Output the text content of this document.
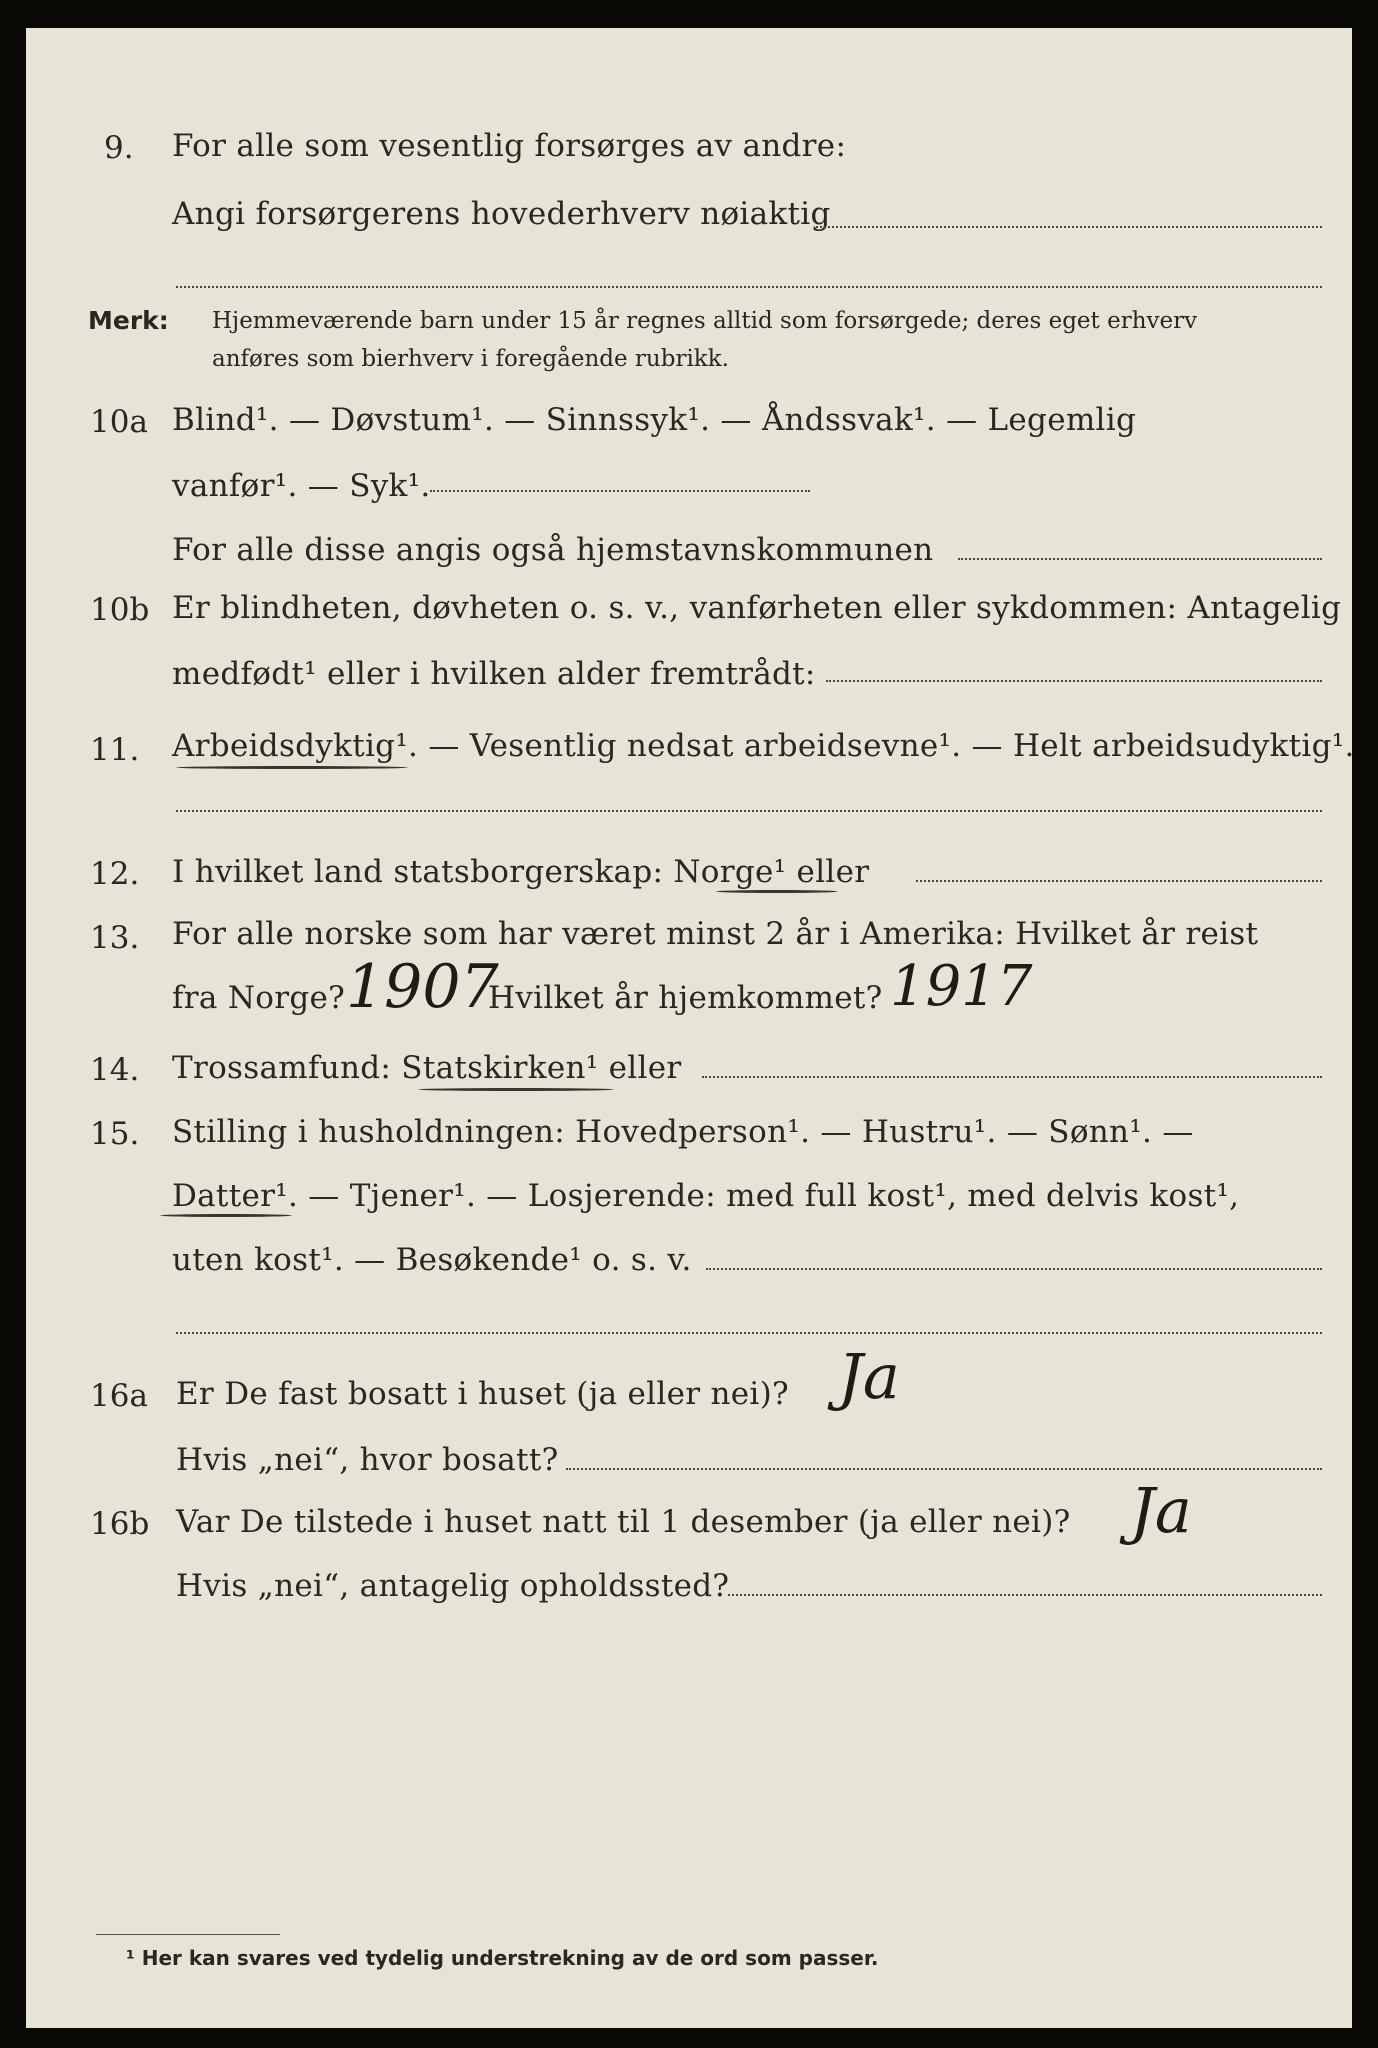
9. For alle som vesentlig forsørges av andre:
Angi forsørgerens hovederhverv nøiaktig
Merk: Hjemmeværende barn under 15 år regnes alltid som forsørgede; deres eget erhverv
anføres som bierhverv i foregående rubrikk.
10a Blind¹. — Døvstum¹. — Sinnssyk¹. — Åndssvak¹. — Legemlig
vanfør¹. — Syk¹.
For alle disse angis også hjemstavnskommunen
10b Er blindheten, døvheten o. s. v., vanførheten eller sykdommen: Antagelig
medfødt¹ eller i hvilken alder fremtrådt:
11. Arbeidsdyktig¹. — Vesentlig nedsat arbeidsevne¹. — Helt arbeidsudyktig¹.
12. I hvilket land statsborgerskap: Norge¹ eller
13. For alle norske som har været minst 2 år i Amerika: Hvilket år reist
fra Norge? 1907
Hvilket år hjemkommet? 1917
14. Trossamfund: Statskirken¹ eller
15. Stilling i husholdningen: Hovedperson¹. — Hustru¹. — Sønn¹. —
Datter¹. — Tjener¹. — Losjerende: med full kost¹, med delvis kost¹,
uten kost¹. — Besøkende¹ o. s. v.
16a Er De fast bosatt i huset (ja eller nei)? Ja
Hvis „nei“, hvor bosatt?
16b Var De tilstede i huset natt til 1 desember (ja eller nei)? Ja
Hvis „nei“, antagelig opholdssted?
¹ Her kan svares ved tydelig understrekning av de ord som passer.
